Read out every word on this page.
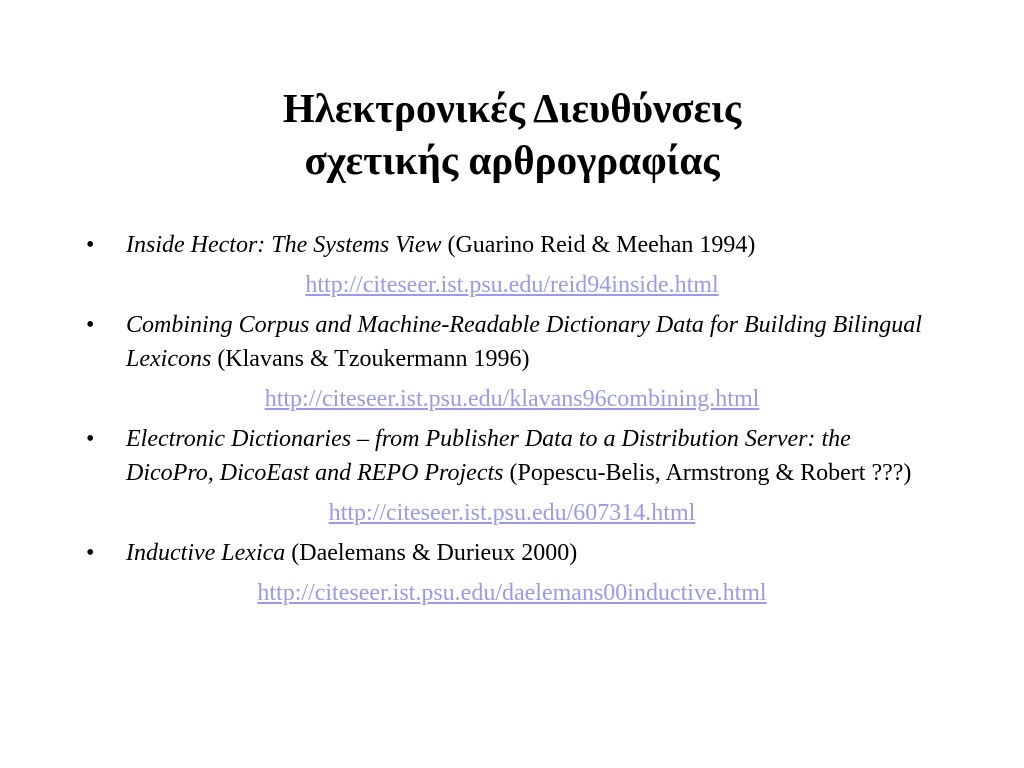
Ηλεκτρονικές Διευθύνσεις
σχετικής αρθρογραφίας
• Inside Hector: The Systems View (Guarino Reid & Meehan 1994)
http://citeseer.ist.psu.edu/reid94inside.html
• Combining Corpus and Machine-Readable Dictionary Data for Building Bilingual Lexicons (Klavans & Tzoukermann 1996)
http://citeseer.ist.psu.edu/klavans96combining.html
• Electronic Dictionaries – from Publisher Data to a Distribution Server: the DicoPro, DicoEast and REPO Projects (Popescu-Belis, Armstrong & Robert ???)
http://citeseer.ist.psu.edu/607314.html
• Inductive Lexica (Daelemans & Durieux 2000)
http://citeseer.ist.psu.edu/daelemans00inductive.html
